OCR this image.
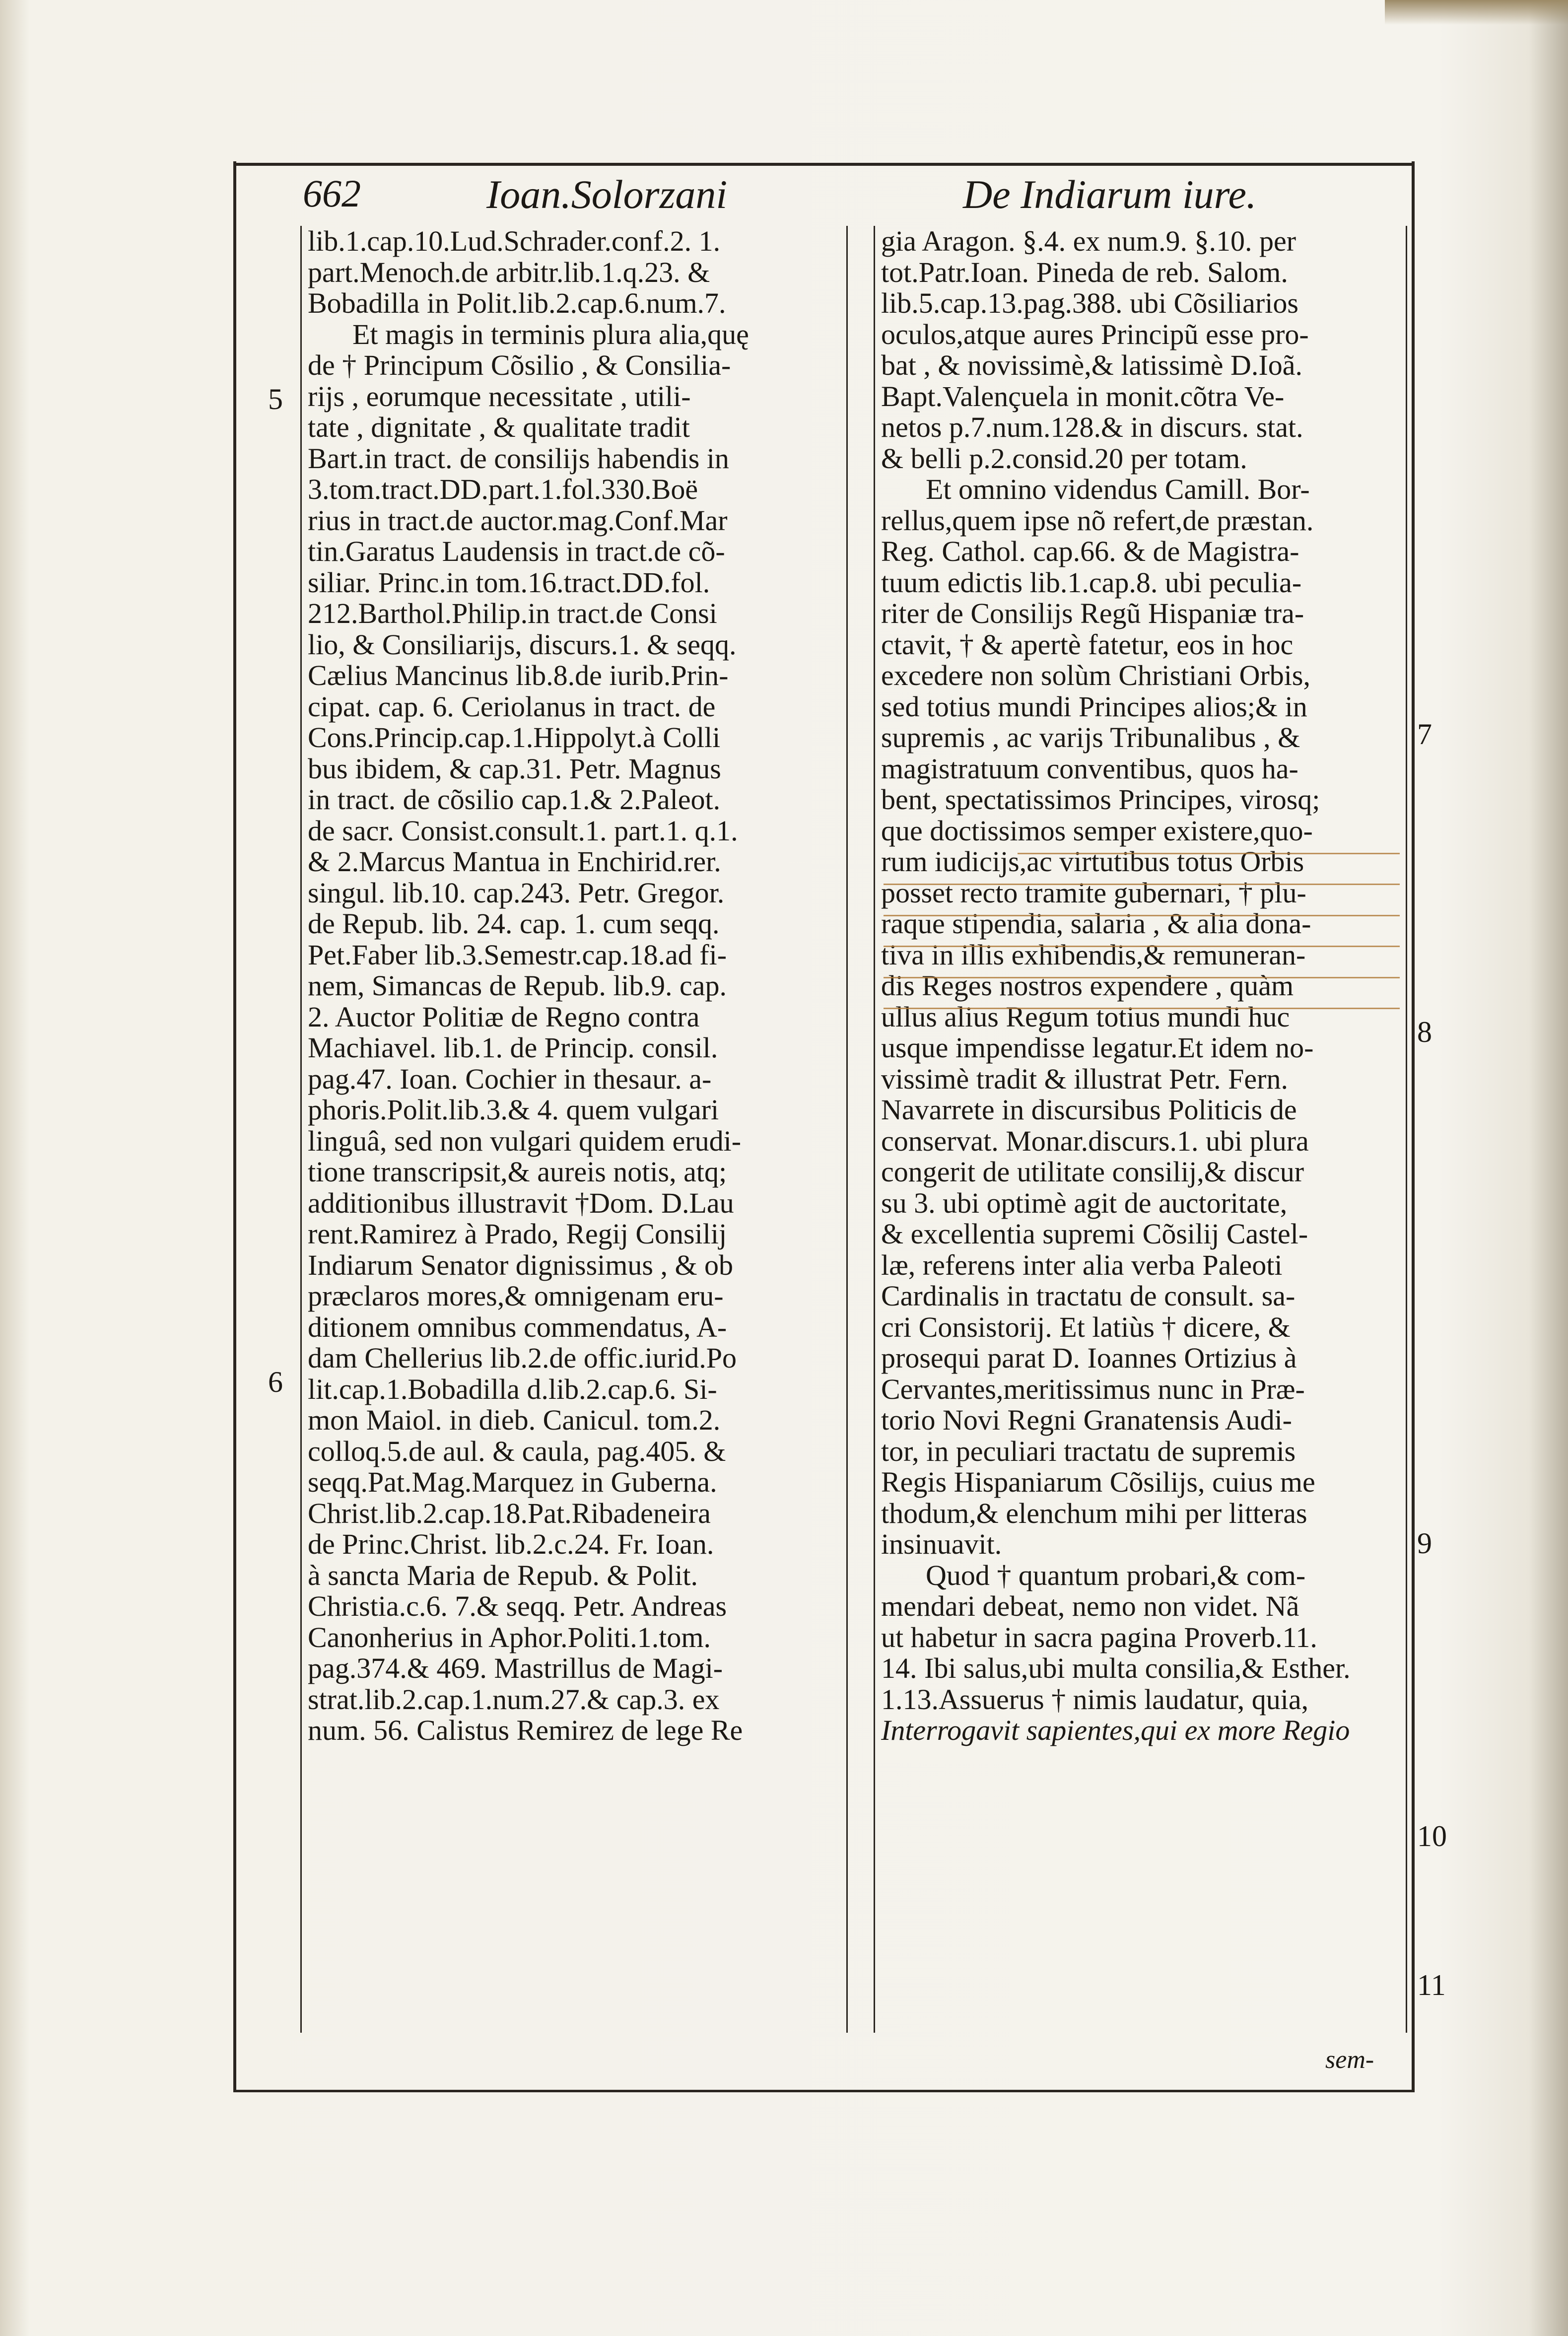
662	Ioan.Solorzani	De Indiarum iure.
lib.1.cap.10.Lud.Schrader.conf.2. 1.
part.Menoch.de arbitr.lib.1.q.23. &
Bobadilla in Polit.lib.2.cap.6.num.7.
Et magis in terminis plura alia,quę
de † Principum Cõsilio , & Consilia-
rijs , eorumque necessitate , utili-
tate , dignitate , & qualitate tradit
Bart.in tract. de consilijs habendis in
3.tom.tract.DD.part.1.fol.330.Boë
rius in tract.de auctor.mag.Conf.Mar
tin.Garatus Laudensis in tract.de cõ-
siliar. Princ.in tom.16.tract.DD.fol.
212.Barthol.Philip.in tract.de Consi
lio, & Consiliarijs, discurs.1. & seqq.
Cælius Mancinus lib.8.de iurib.Prin-
cipat. cap. 6. Ceriolanus in tract. de
Cons.Princip.cap.1.Hippolyt.à Colli
bus ibidem, & cap.31. Petr. Magnus
in tract. de cõsilio cap.1.& 2.Paleot.
de sacr. Consist.consult.1. part.1. q.1.
& 2.Marcus Mantua in Enchirid.rer.
singul. lib.10. cap.243. Petr. Gregor.
de Repub. lib. 24. cap. 1. cum seqq.
Pet.Faber lib.3.Semestr.cap.18.ad fi-
nem, Simancas de Repub. lib.9. cap.
2. Auctor Politiæ de Regno contra
Machiavel. lib.1. de Princip. consil.
pag.47. Ioan. Cochier in thesaur. a-
phoris.Polit.lib.3.& 4. quem vulgari
linguâ, sed non vulgari quidem erudi-
tione transcripsit,& aureis notis, atq;
additionibus illustravit †Dom. D.Lau
rent.Ramirez à Prado, Regij Consilij
Indiarum Senator dignissimus , & ob
præclaros mores,& omnigenam eru-
ditionem omnibus commendatus, A-
dam Chellerius lib.2.de offic.iurid.Po
lit.cap.1.Bobadilla d.lib.2.cap.6. Si-
mon Maiol. in dieb. Canicul. tom.2.
colloq.5.de aul. & caula, pag.405. &
seqq.Pat.Mag.Marquez in Guberna.
Christ.lib.2.cap.18.Pat.Ribadeneira
de Princ.Christ. lib.2.c.24. Fr. Ioan.
à sancta Maria de Repub. & Polit.
Christia.c.6. 7.& seqq. Petr. Andreas
Canonherius in Aphor.Politi.1.tom.
pag.374.& 469. Mastrillus de Magi-
strat.lib.2.cap.1.num.27.& cap.3. ex
num. 56. Calistus Remirez de lege Re
gia Aragon. §.4. ex num.9. §.10. per
tot.Patr.Ioan. Pineda de reb. Salom.
lib.5.cap.13.pag.388. ubi Cõsiliarios
oculos,atque aures Principũ esse pro-
bat , & novissimè,& latissimè D.Ioã.
Bapt.Valençuela in monit.cõtra Ve-
netos p.7.num.128.& in discurs. stat.
& belli p.2.consid.20 per totam.
Et omnino videndus Camill. Bor-
rellus,quem ipse nõ refert,de præstan.
Reg. Cathol. cap.66. & de Magistra-
tuum edictis lib.1.cap.8. ubi peculia-
riter de Consilijs Regũ Hispaniæ tra-
ctavit, † & apertè fatetur, eos in hoc
excedere non solùm Christiani Orbis,
sed totius mundi Principes alios;& in
supremis , ac varijs Tribunalibus , &
magistratuum conventibus, quos ha-
bent, spectatissimos Principes, virosq;
que doctissimos semper existere,quo-
rum iudicijs,ac virtutibus totus Orbis
posset recto tramite gubernari, † plu-
raque stipendia, salaria , & alia dona-
tiva in illis exhibendis,& remuneran-
dis Reges nostros expendere , quàm
ullus alius Regum totius mundi huc
usque impendisse legatur.Et idem no-
vissimè tradit & illustrat Petr. Fern.
Navarrete in discursibus Politicis de
conservat. Monar.discurs.1. ubi plura
congerit de utilitate consilij,& discur
su 3. ubi optimè agit de auctoritate,
& excellentia supremi Cõsilij Castel-
læ, referens inter alia verba Paleoti
Cardinalis in tractatu de consult. sa-
cri Consistorij. Et latiùs † dicere, &
prosequi parat D. Ioannes Ortizius à
Cervantes,meritissimus nunc in Præ-
torio Novi Regni Granatensis Audi-
tor, in peculiari tractatu de supremis
Regis Hispaniarum Cõsilijs, cuius me
thodum,& elenchum mihi per litteras
insinuavit.
Quod † quantum probari,& com-
mendari debeat, nemo non videt. Nã
ut habetur in sacra pagina Proverb.11.
14. Ibi salus,ubi multa consilia,& Esther.
1.13.Assuerus † nimis laudatur, quia,
Interrogavit sapientes,qui ex more Regio
5
6
7
8
9
10
11
sem-
